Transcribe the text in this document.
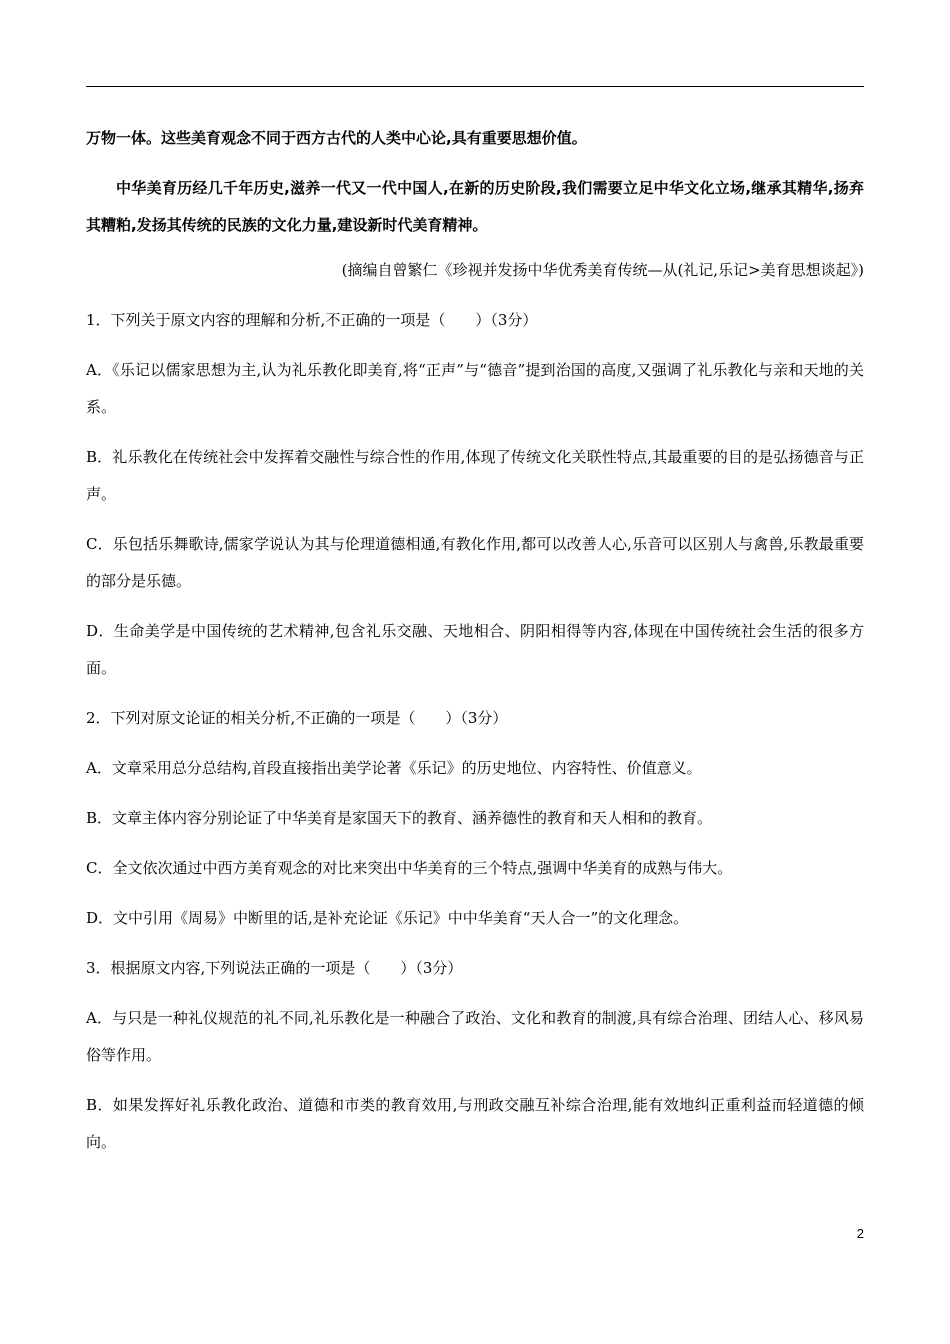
万物一体。这些美育观念不同于西方古代的人类中心论,具有重要思想价值。

中华美育历经几千年历史,滋养一代又一代中国人,在新的历史阶段,我们需要立足中华文化立场,继承其精华,扬弃其糟粕,发扬其传统的民族的文化力量,建设新时代美育精神。

(摘编自曾繁仁《珍视并发扬中华优秀美育传统—从(礼记,乐记>美育思想谈起》)

1．下列关于原文内容的理解和分析,不正确的一项是（　　）（3分）

A．《乐记以儒家思想为主,认为礼乐教化即美育,将“正声”与“德音”提到治国的高度,又强调了礼乐教化与亲和天地的关系。

B．礼乐教化在传统社会中发挥着交融性与综合性的作用,体现了传统文化关联性特点,其最重要的目的是弘扬德音与正声。

C．乐包括乐舞歌诗,儒家学说认为其与伦理道德相通,有教化作用,都可以改善人心,乐音可以区别人与禽兽,乐教最重要的部分是乐德。

D．生命美学是中国传统的艺术精神,包含礼乐交融、天地相合、阴阳相得等内容,体现在中国传统社会生活的很多方面。

2．下列对原文论证的相关分析,不正确的一项是（　　）（3分）

A．文章采用总分总结构,首段直接指出美学论著《乐记》的历史地位、内容特性、价值意义。

B．文章主体内容分别论证了中华美育是家国天下的教育、涵养德性的教育和天人相和的教育。

C．全文依次通过中西方美育观念的对比来突出中华美育的三个特点,强调中华美育的成熟与伟大。

D．文中引用《周易》中断里的话,是补充论证《乐记》中中华美育“天人合一”的文化理念。

3．根据原文内容,下列说法正确的一项是（　　）（3分）

A．与只是一种礼仪规范的礼不同,礼乐教化是一种融合了政治、文化和教育的制渡,具有综合治理、团结人心、移风易俗等作用。

B．如果发挥好礼乐教化政治、道德和市类的教育效用,与刑政交融互补综合治理,能有效地纠正重利益而轻道德的倾向。

2
